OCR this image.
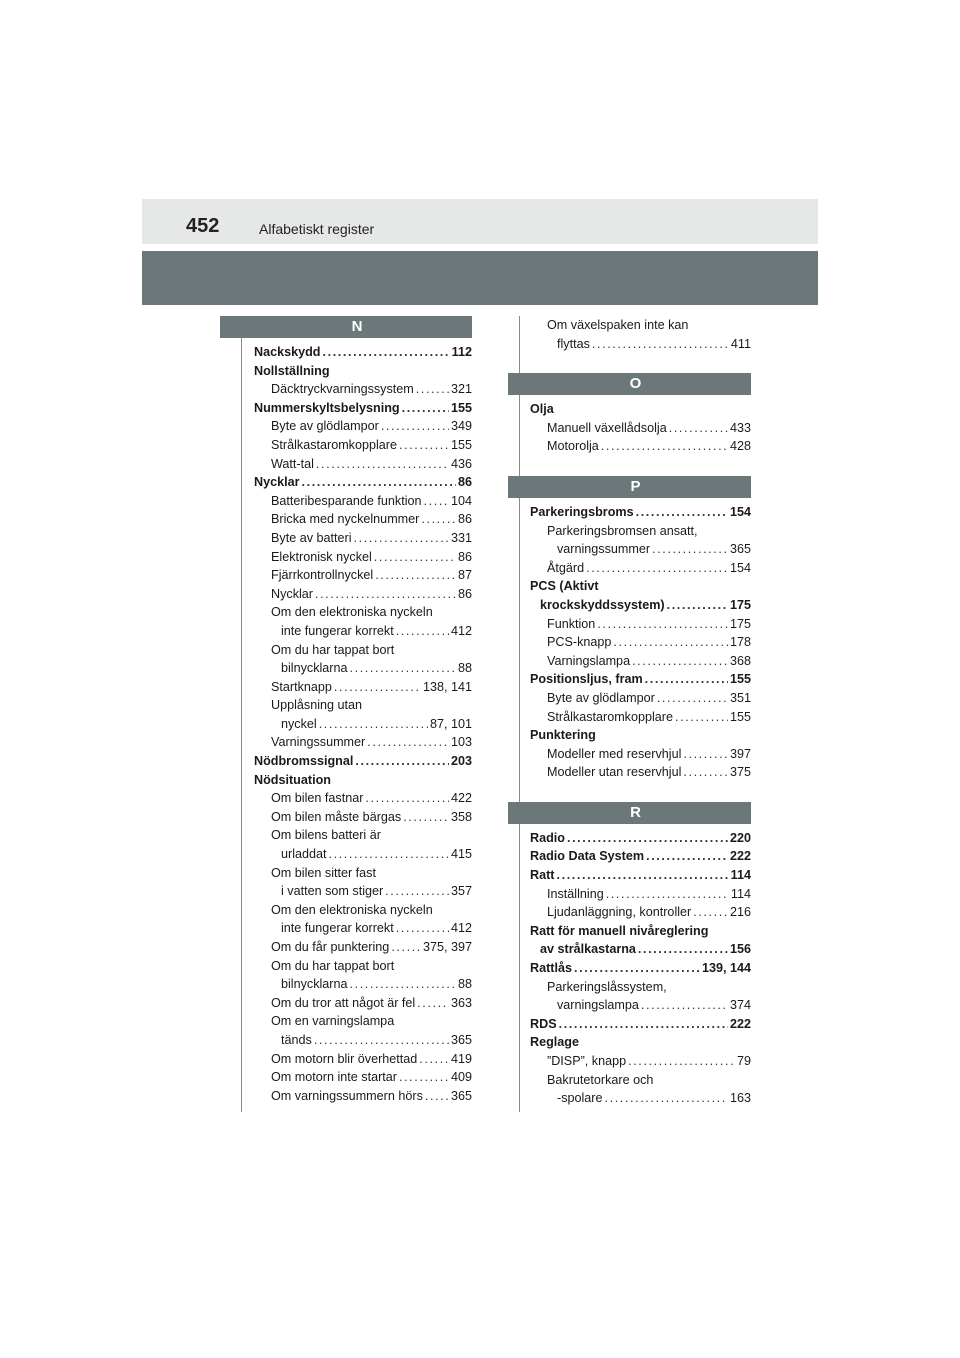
452	Alfabetiskt register
N
Nackskydd .....	112
Nollställning
Däcktryckvarningssystem .....	321
Nummerskyltsbelysning .....	155
Byte av glödlampor .....	349
Strålkastaromkopplare .....	155
Watt-tal .....	436
Nycklar .....	86
Batteribesparande funktion ..... 104
Bricka med nyckelnummer .....	86
Byte av batteri .....	331
Elektronisk nyckel .....	86
Fjärrkontrollnyckel .....	87
Nycklar .....	86
Om den elektroniska nyckeln
inte fungerar korrekt .....	412
Om du har tappat bort
bilnycklarna .....	88
Startknapp .....	138, 141
Upplåsning utan
nyckel .....	87, 101
Varningssummer .....	103
Nödbromssignal .....	203
Nödsituation
Om bilen fastnar .....	422
Om bilen måste bärgas .....	358
Om bilens batteri är
urladdat .....	415
Om bilen sitter fast
i vatten som stiger .....	357
Om den elektroniska nyckeln
inte fungerar korrekt .....	412
Om du får punktering .....	375, 397
Om du har tappat bort
bilnycklarna .....	88
Om du tror att något är fel .....	363
Om en varningslampa
tänds .....	365
Om motorn blir överhettad .....	419
Om motorn inte startar .....	409
Om varningssummern hörs ..... 365
Om växelspaken inte kan
flyttas .....	411
O
Olja
Manuell växellådsolja .....	433
Motorolja .....	428
P
Parkeringsbroms .....	154
Parkeringsbromsen ansatt,
varningssummer .....	365
Åtgärd .....	154
PCS (Aktivt
krockskyddssystem) .....	175
Funktion .....	175
PCS-knapp .....	178
Varningslampa .....	368
Positionsljus, fram .....	155
Byte av glödlampor .....	351
Strålkastaromkopplare .....	155
Punktering
Modeller med reservhjul .....	397
Modeller utan reservhjul .....	375
R
Radio .....	220
Radio Data System .....	222
Ratt .....	114
Inställning .....	114
Ljudanläggning, kontroller .....	216
Ratt för manuell nivåreglering
av strålkastarna .....	156
Rattlås .....	139, 144
Parkeringslåssystem,
varningslampa .....	374
RDS .....	222
Reglage
”DISP”, knapp .....	79
Bakrutetorkare och
-spolare .....	163
